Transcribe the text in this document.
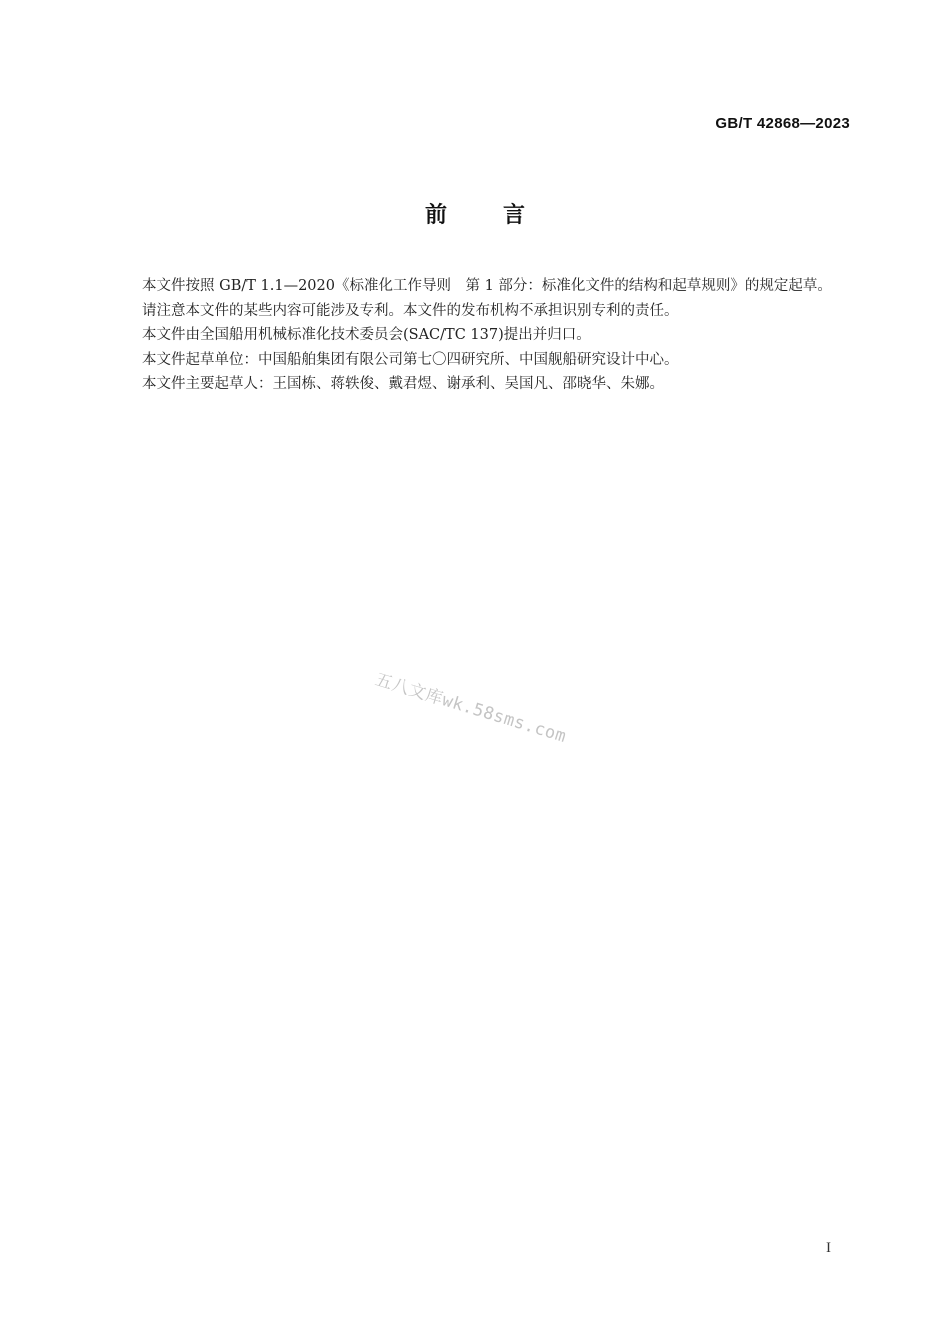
GB/T 42868—2023
前言

本文件按照 GB/T 1.1—2020《标准化工作导则　第 1 部分：标准化文件的结构和起草规则》的规定起草。

请注意本文件的某些内容可能涉及专利。本文件的发布机构不承担识别专利的责任。

本文件由全国船用机械标准化技术委员会(SAC/TC 137)提出并归口。

本文件起草单位：中国船舶集团有限公司第七〇四研究所、中国舰船研究设计中心。

本文件主要起草人：王国栋、蒋轶俊、戴君煜、谢承利、吴国凡、邵晓华、朱娜。

五八文库wk.58sms.com
I
